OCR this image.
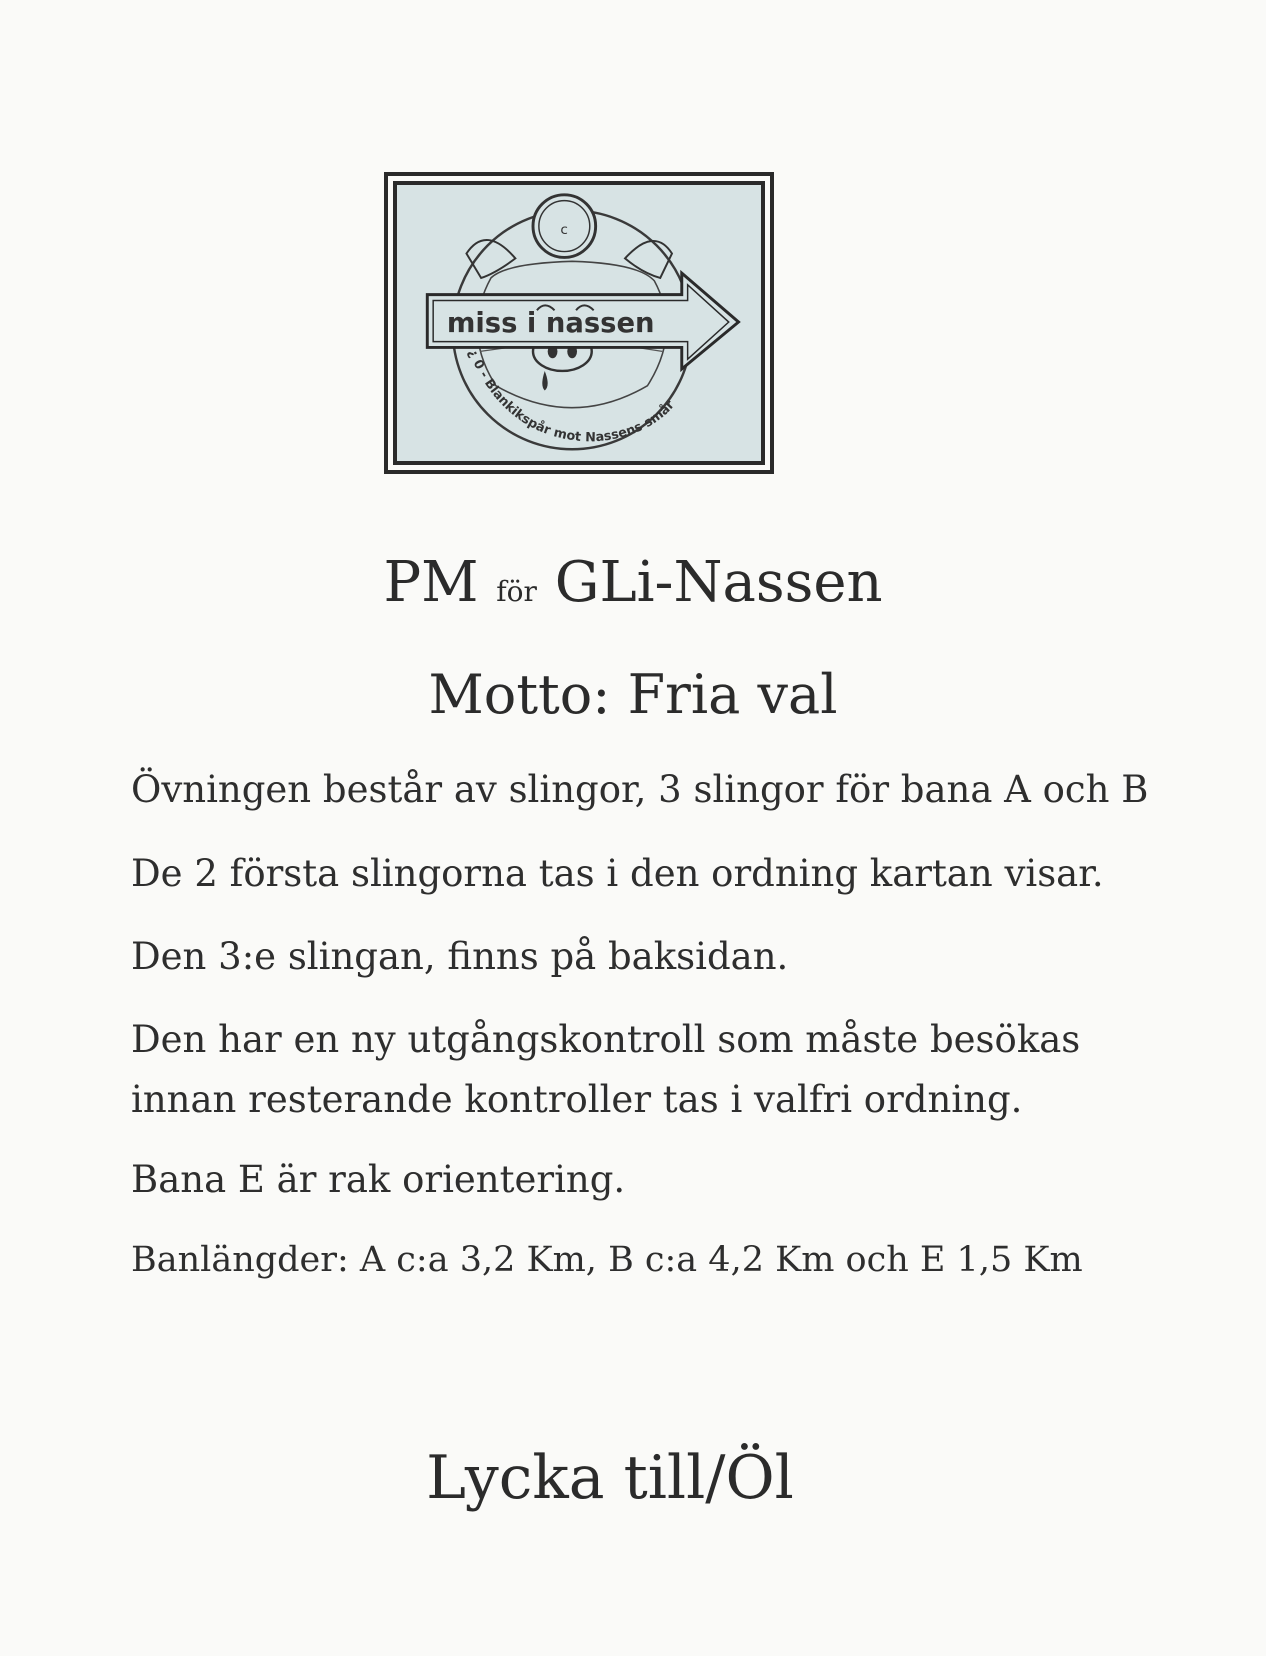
c
miss i nassen
¿ 0 - Blankikspår mot Nassens smår
PM för GLi-Nassen
Motto: Fria val
Övningen består av slingor, 3 slingor för bana A och B
De 2 första slingorna tas i den ordning kartan visar.
Den 3:e slingan, finns på baksidan.
Den har en ny utgångskontroll som måste besökas
innan resterande kontroller tas i valfri ordning.
Bana E är rak orientering.
Banlängder: A c:a 3,2 Km, B c:a 4,2 Km och E 1,5 Km
Lycka till/Öl
